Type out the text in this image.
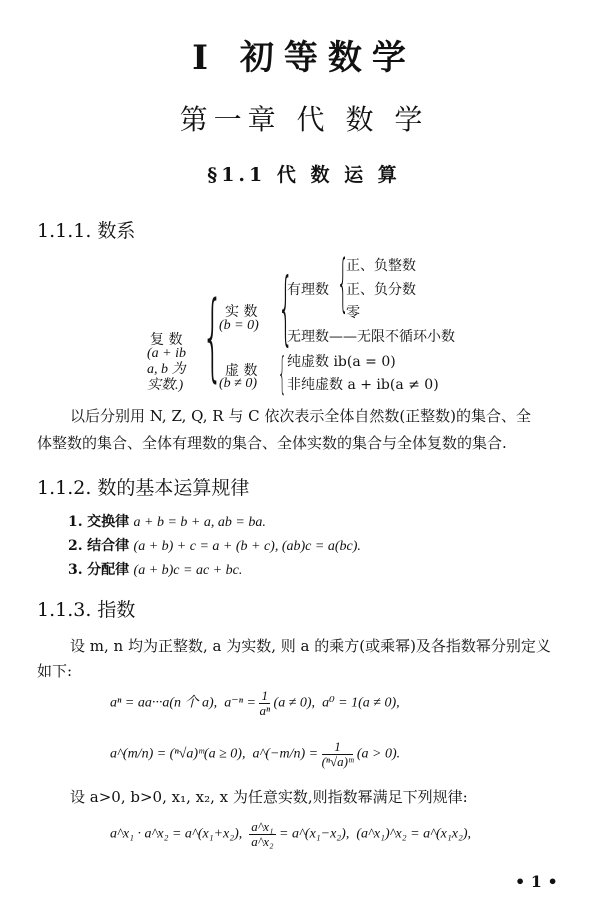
I 初等数学
第一章 代 数 学
§1.1 代 数 运 算
1.1.1. 数系
复 数
(a + ib
a, b 为
实数.) { 实 数
(b = 0)
虚 数
(b ≠ 0)
{
有理数 {
正、负整数
正、负分数
零
无理数——无限不循环小数
{ 纯虚数 ib(a = 0)
非纯虚数 a + ib(a ≠ 0)
以后分别用 N, Z, Q, R 与 C 依次表示全体自然数(正整数)的集合、全
体整数的集合、全体有理数的集合、全体实数的集合与全体复数的集合.
1.1.2. 数的基本运算规律
1. 交换律 a + b = b + a, ab = ba.
2. 结合律 (a + b) + c = a + (b + c), (ab)c = a(bc).
3. 分配律 (a + b)c = ac + bc.
1.1.3. 指数
设 m, n 均为正整数, a 为实数, 则 a 的乘方(或乘幂)及各指数幂分别定义
如下:
aⁿ = aa···a(n 个 a), $a^{-n} = \frac{1}{\text{aⁿ}} (a \ne 0)$, a⁰ = 1(a ≠ 0),
a^(m/n) = (ⁿ√a)ᵐ(a ≥ 0), a^(−m/n) = $\frac{1}{\text{(ⁿ√a)ᵐ}} (a > 0)$.
设 a>0, b>0, x₁, x₂, x 为任意实数,则指数幂满足下列规律:
a^x₁ · a^x₂ = a^(x₁+x₂), $\frac{\text{a\textasciicircum{}x₁}}{\text{a\textasciicircum{}x₂}}$ = a^(x₁−x₂), (a^x₁)^x₂ = a^(x₁x₂),
• 1 •
